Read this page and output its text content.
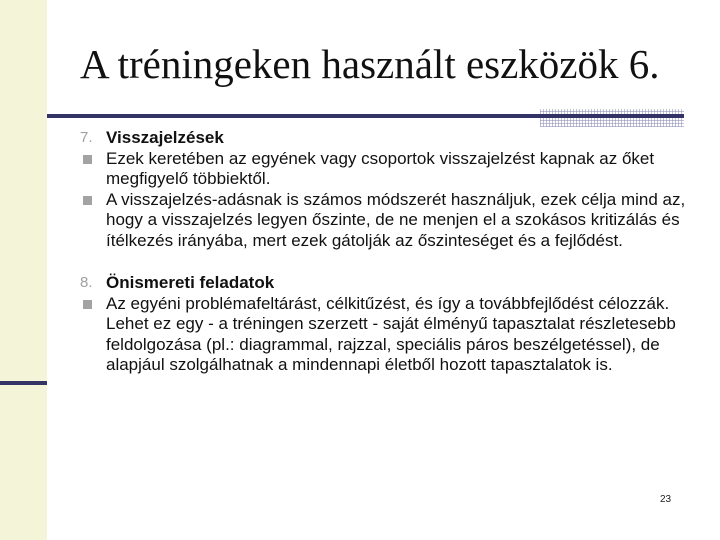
A tréningeken használt eszközök 6.

7. Visszajelzések

Ezek keretében az egyének vagy csoportok visszajelzést kapnak az őket megfigyelő többiektől.

A visszajelzés-adásnak is számos módszerét használjuk, ezek célja mind az, hogy a visszajelzés legyen őszinte, de ne menjen el a szokásos kritizálás és ítélkezés irányába, mert ezek gátolják az őszinteséget és a fejlődést.

8. Önismereti feladatok

Az egyéni problémafeltárást, célkitűzést, és így a továbbfejlődést célozzák. Lehet ez egy - a tréningen szerzett - saját élményű tapasztalat részletesebb feldolgozása (pl.: diagrammal, rajzzal, speciális páros beszélgetéssel), de alapjául szolgálhatnak a mindennapi életből hozott tapasztalatok is.

23
